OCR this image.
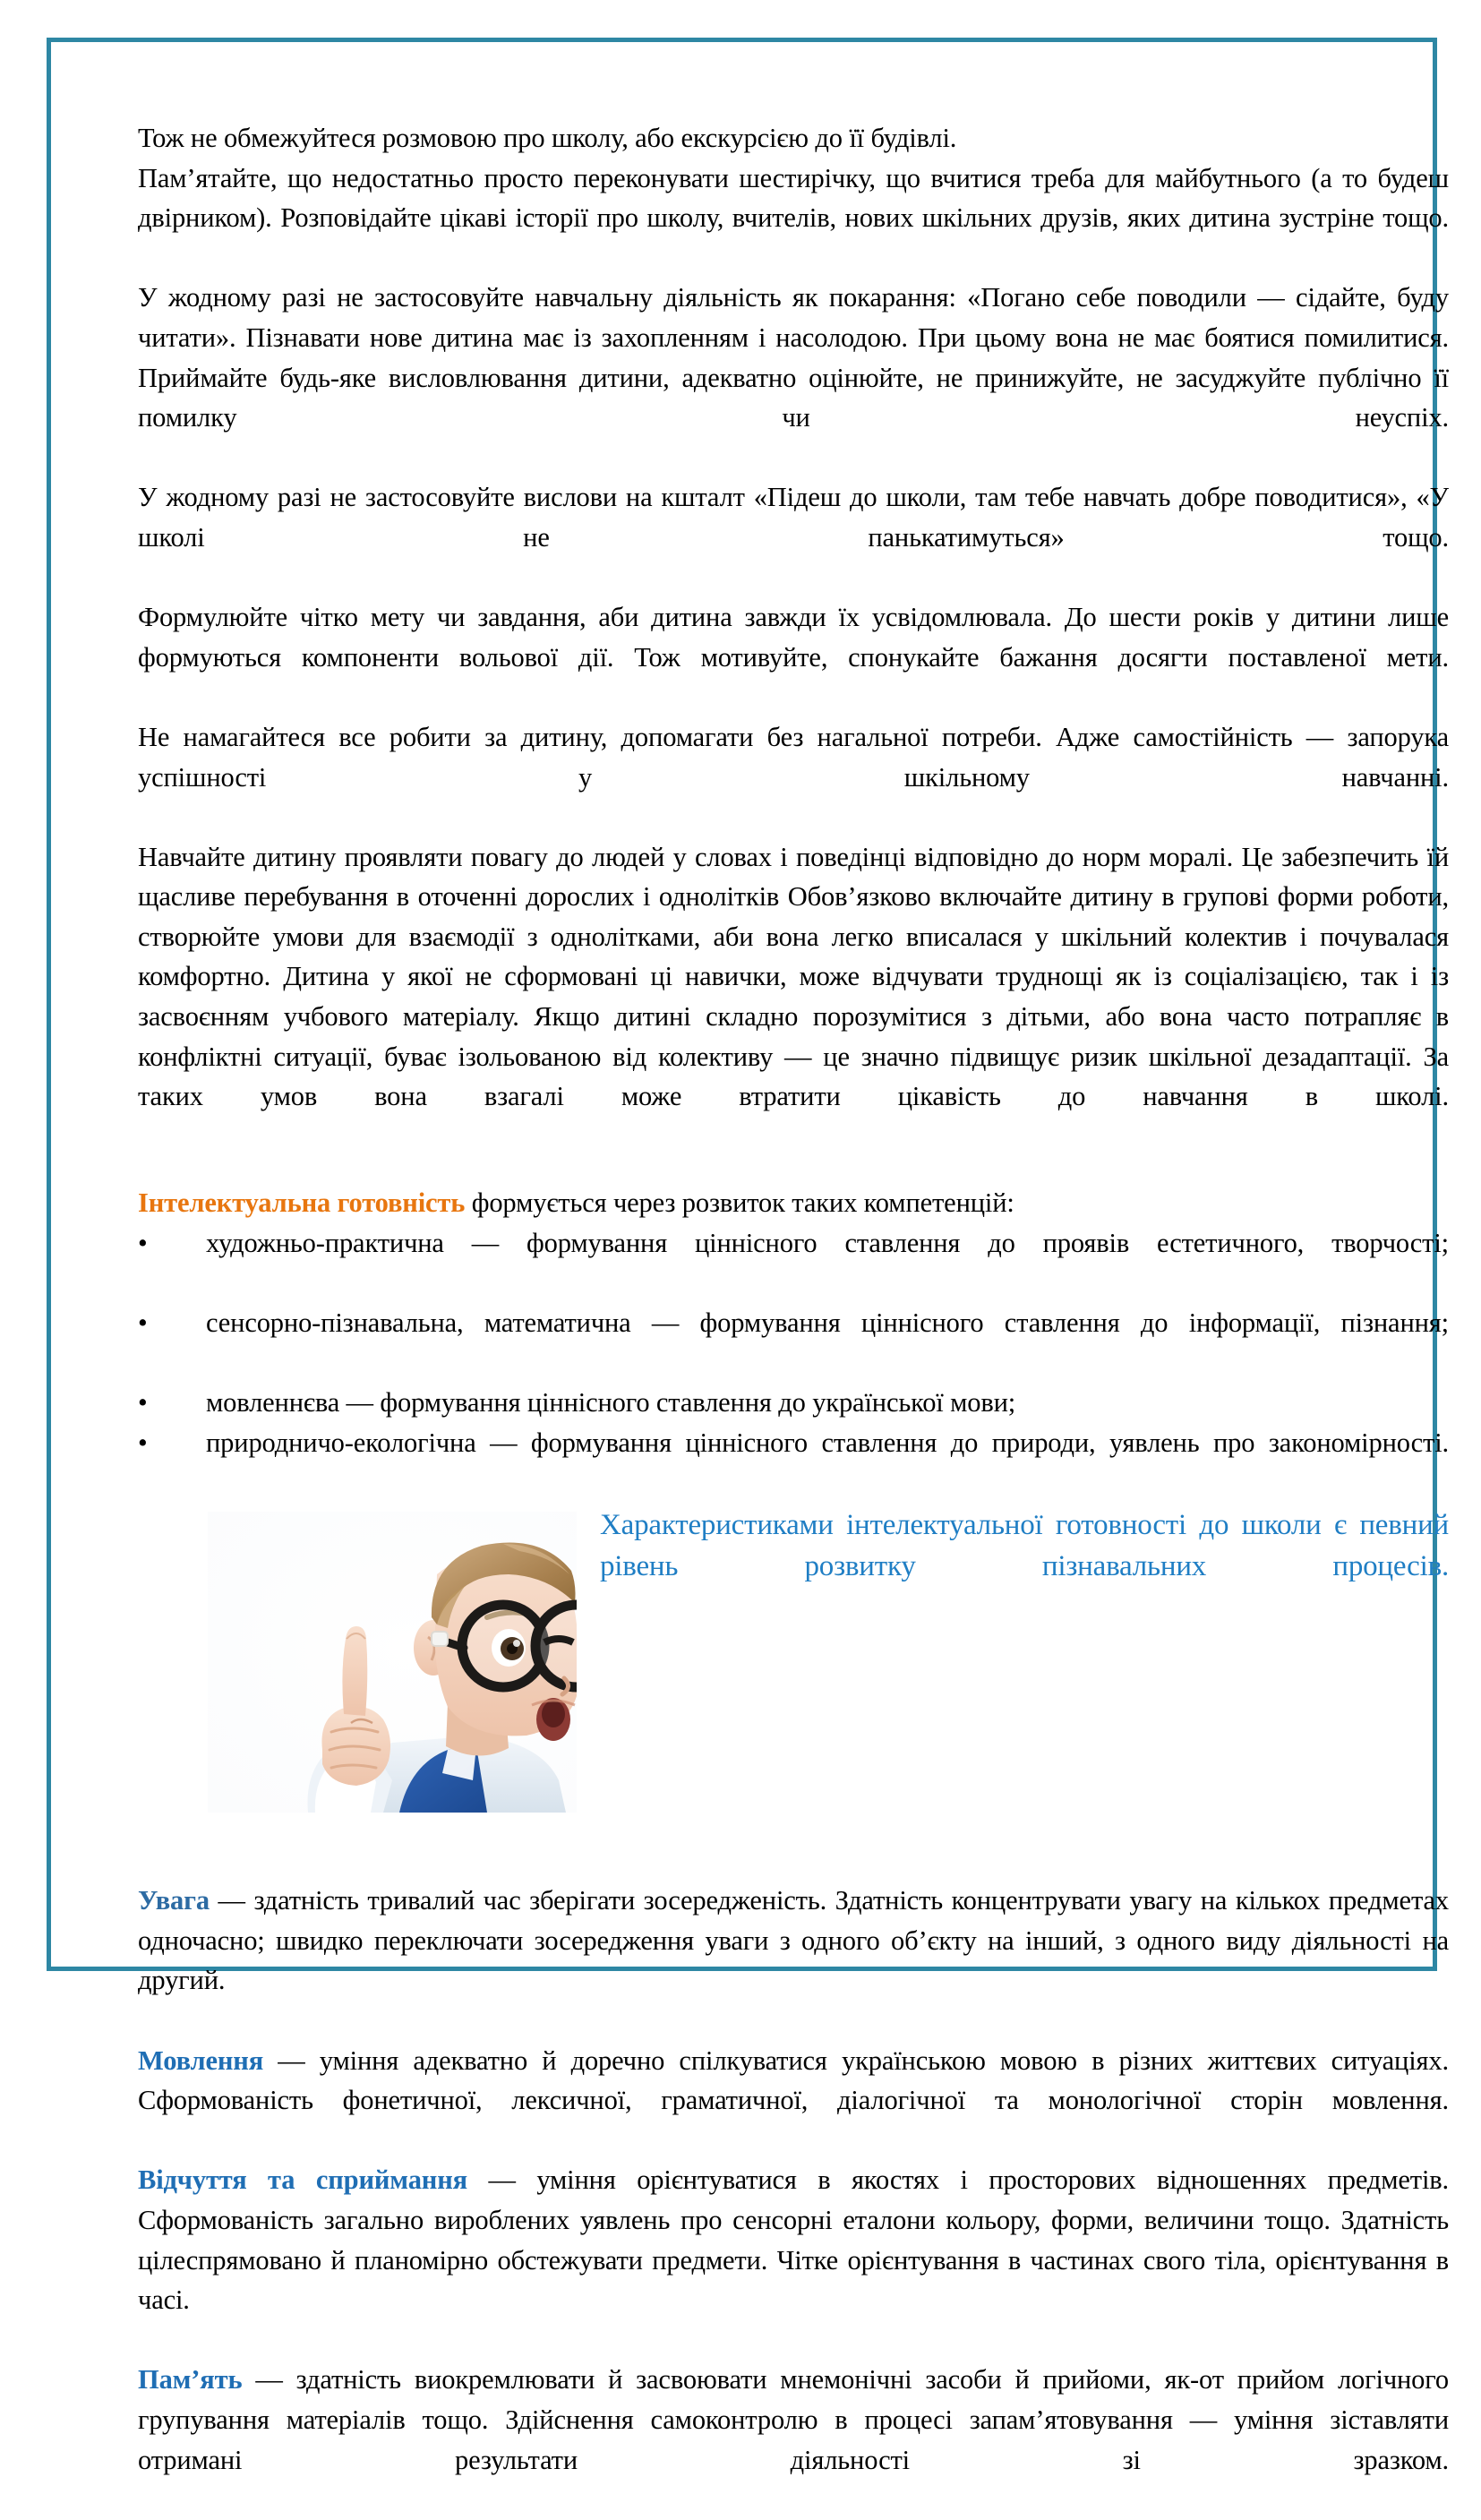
Тож не обмежуйтеся розмовою про школу, або екскурсією до її будівлі.

Пам’ятайте, що недостатньо просто переконувати шестирічку, що вчитися треба для майбутнього (а то будеш двірником). Розповідайте цікаві історії про школу, вчителів, нових шкільних друзів, яких дитина зустріне тощо.

У жодному разі не застосовуйте навчальну діяльність як покарання: «Погано себе поводили — сідайте, буду читати». Пізнавати нове дитина має із захопленням і насолодою. При цьому вона не має боятися помилитися. Приймайте будь-яке висловлювання дитини, адекватно оцінюйте, не принижуйте, не засуджуйте публічно її помилку чи неуспіх.

У жодному разі не застосовуйте вислови на кшталт «Підеш до школи, там тебе навчать добре поводитися», «У школі не панькатимуться» тощо.

Формулюйте чітко мету чи завдання, аби дитина завжди їх усвідомлювала. До шести років у дитини лише формуються компоненти вольової дії. Тож мотивуйте, спонукайте бажання досягти поставленої мети.

Не намагайтеся все робити за дитину, допомагати без нагальної потреби. Адже самостійність — запорука успішності у шкільному навчанні.

Навчайте дитину проявляти повагу до людей у словах і поведінці відповідно до норм моралі. Це забезпечить їй щасливе перебування в оточенні дорослих і однолітків Обов’язково включайте дитину в групові форми роботи, створюйте умови для взаємодії з однолітками, аби вона легко вписалася у шкільний колектив і почувалася комфортно. Дитина у якої не сформовані ці навички, може відчувати труднощі як із соціалізацією, так і із засвоєнням учбового матеріалу. Якщо дитині складно порозумітися з дітьми, або вона часто потрапляє в конфліктні ситуації, буває ізольованою від колективу — це значно підвищує ризик шкільної дезадаптації. За таких умов вона взагалі може втратити цікавість до навчання в школі.

Інтелектуальна готовність формується через розвиток таких компетенцій:

• художньо-практична — формування ціннісного ставлення до проявів естетичного, творчості;

• сенсорно-пізнавальна, математична — формування ціннісного ставлення до інформації, пізнання;

• мовленнєва — формування ціннісного ставлення до української мови;

• природничо-екологічна — формування ціннісного ставлення до природи, уявлень про закономірності.

Характеристиками інтелектуальної готовності до школи є певний рівень розвитку пізнавальних процесів.

Увага — здатність тривалий час зберігати зосередженість. Здатність концентрувати увагу на кількох предметах одночасно; швидко переключати зосередження уваги з одного об’єкту на інший, з одного виду діяльності на другий.

Мовлення — уміння адекватно й доречно спілкуватися українською мовою в різних життєвих ситуаціях. Сформованість фонетичної, лексичної, граматичної, діалогічної та монологічної сторін мовлення.

Відчуття та сприймання — уміння орієнтуватися в якостях і просторових відношеннях предметів. Сформованість загально вироблених уявлень про сенсорні еталони кольору, форми, величини тощо. Здатність цілеспрямовано й планомірно обстежувати предмети. Чітке орієнтування в частинах свого тіла, орієнтування в часі.

Пам’ять — здатність виокремлювати й засвоювати мнемонічні засоби й прийоми, як-от прийом логічного групування матеріалів тощо. Здійснення самоконтролю в процесі запам’ятовування — уміння зіставляти отримані результати діяльності зі зразком.
